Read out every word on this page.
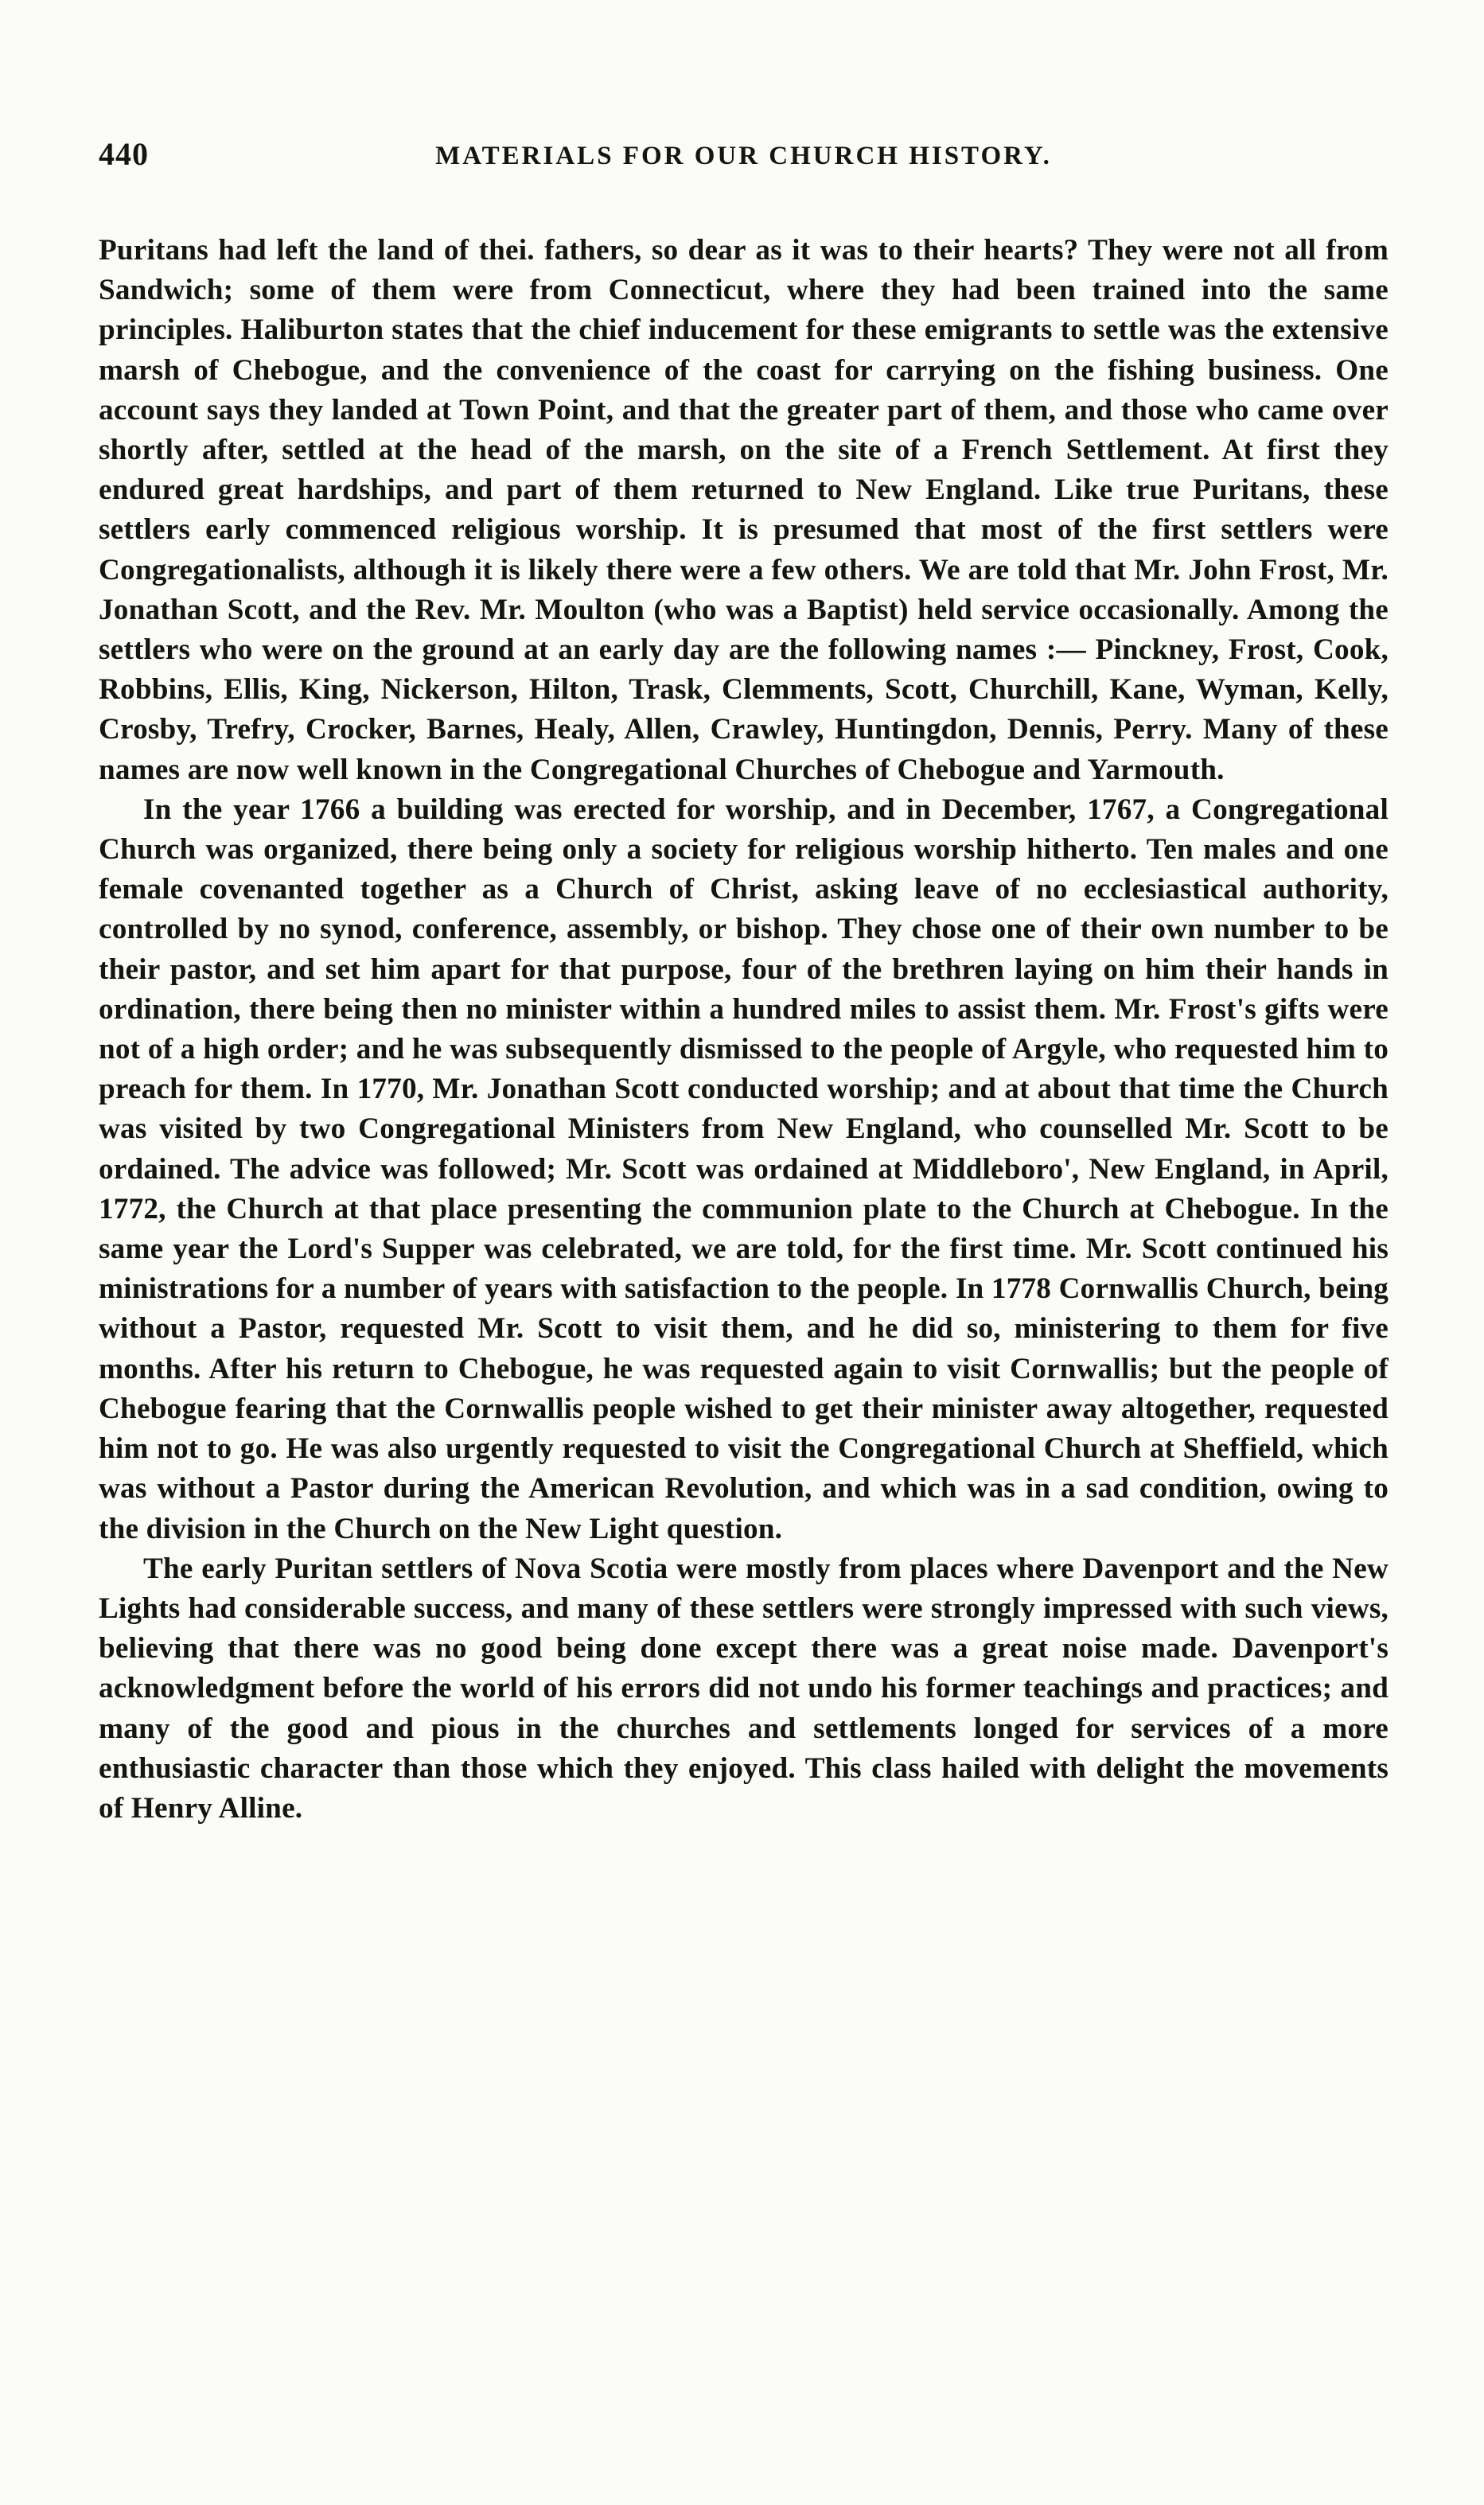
440	MATERIALS FOR OUR CHURCH HISTORY.

Puritans had left the land of thei. fathers, so dear as it was to their hearts? They were not all from Sandwich; some of them were from Connecticut, where they had been trained into the same principles. Haliburton states that the chief inducement for these emigrants to settle was the extensive marsh of Chebogue, and the convenience of the coast for carrying on the fishing business. One account says they landed at Town Point, and that the greater part of them, and those who came over shortly after, settled at the head of the marsh, on the site of a French Settlement. At first they endured great hardships, and part of them returned to New England. Like true Puritans, these settlers early commenced religious worship. It is presumed that most of the first settlers were Congregationalists, although it is likely there were a few others. We are told that Mr. John Frost, Mr. Jonathan Scott, and the Rev. Mr. Moulton (who was a Baptist) held service occasionally. Among the settlers who were on the ground at an early day are the following names :— Pinckney, Frost, Cook, Robbins, Ellis, King, Nickerson, Hilton, Trask, Clemments, Scott, Churchill, Kane, Wyman, Kelly, Crosby, Trefry, Crocker, Barnes, Healy, Allen, Crawley, Huntingdon, Dennis, Perry. Many of these names are now well known in the Congregational Churches of Chebogue and Yarmouth.

In the year 1766 a building was erected for worship, and in December, 1767, a Congregational Church was organized, there being only a society for religious worship hitherto. Ten males and one female covenanted together as a Church of Christ, asking leave of no ecclesiastical authority, controlled by no synod, conference, assembly, or bishop. They chose one of their own number to be their pastor, and set him apart for that purpose, four of the brethren laying on him their hands in ordination, there being then no minister within a hundred miles to assist them. Mr. Frost's gifts were not of a high order; and he was subsequently dismissed to the people of Argyle, who requested him to preach for them. In 1770, Mr. Jonathan Scott conducted worship; and at about that time the Church was visited by two Congregational Ministers from New England, who counselled Mr. Scott to be ordained. The advice was followed; Mr. Scott was ordained at Middleboro', New England, in April, 1772, the Church at that place presenting the communion plate to the Church at Chebogue. In the same year the Lord's Supper was celebrated, we are told, for the first time. Mr. Scott continued his ministrations for a number of years with satisfaction to the people. In 1778 Cornwallis Church, being without a Pastor, requested Mr. Scott to visit them, and he did so, ministering to them for five months. After his return to Chebogue, he was requested again to visit Cornwallis; but the people of Chebogue fearing that the Cornwallis people wished to get their minister away altogether, requested him not to go. He was also urgently requested to visit the Congregational Church at Sheffield, which was without a Pastor during the American Revolution, and which was in a sad condition, owing to the division in the Church on the New Light question.

The early Puritan settlers of Nova Scotia were mostly from places where Davenport and the New Lights had considerable success, and many of these settlers were strongly impressed with such views, believing that there was no good being done except there was a great noise made. Davenport's acknowledgment before the world of his errors did not undo his former teachings and practices; and many of the good and pious in the churches and settlements longed for services of a more enthusiastic character than those which they enjoyed. This class hailed with delight the movements of Henry Alline.
